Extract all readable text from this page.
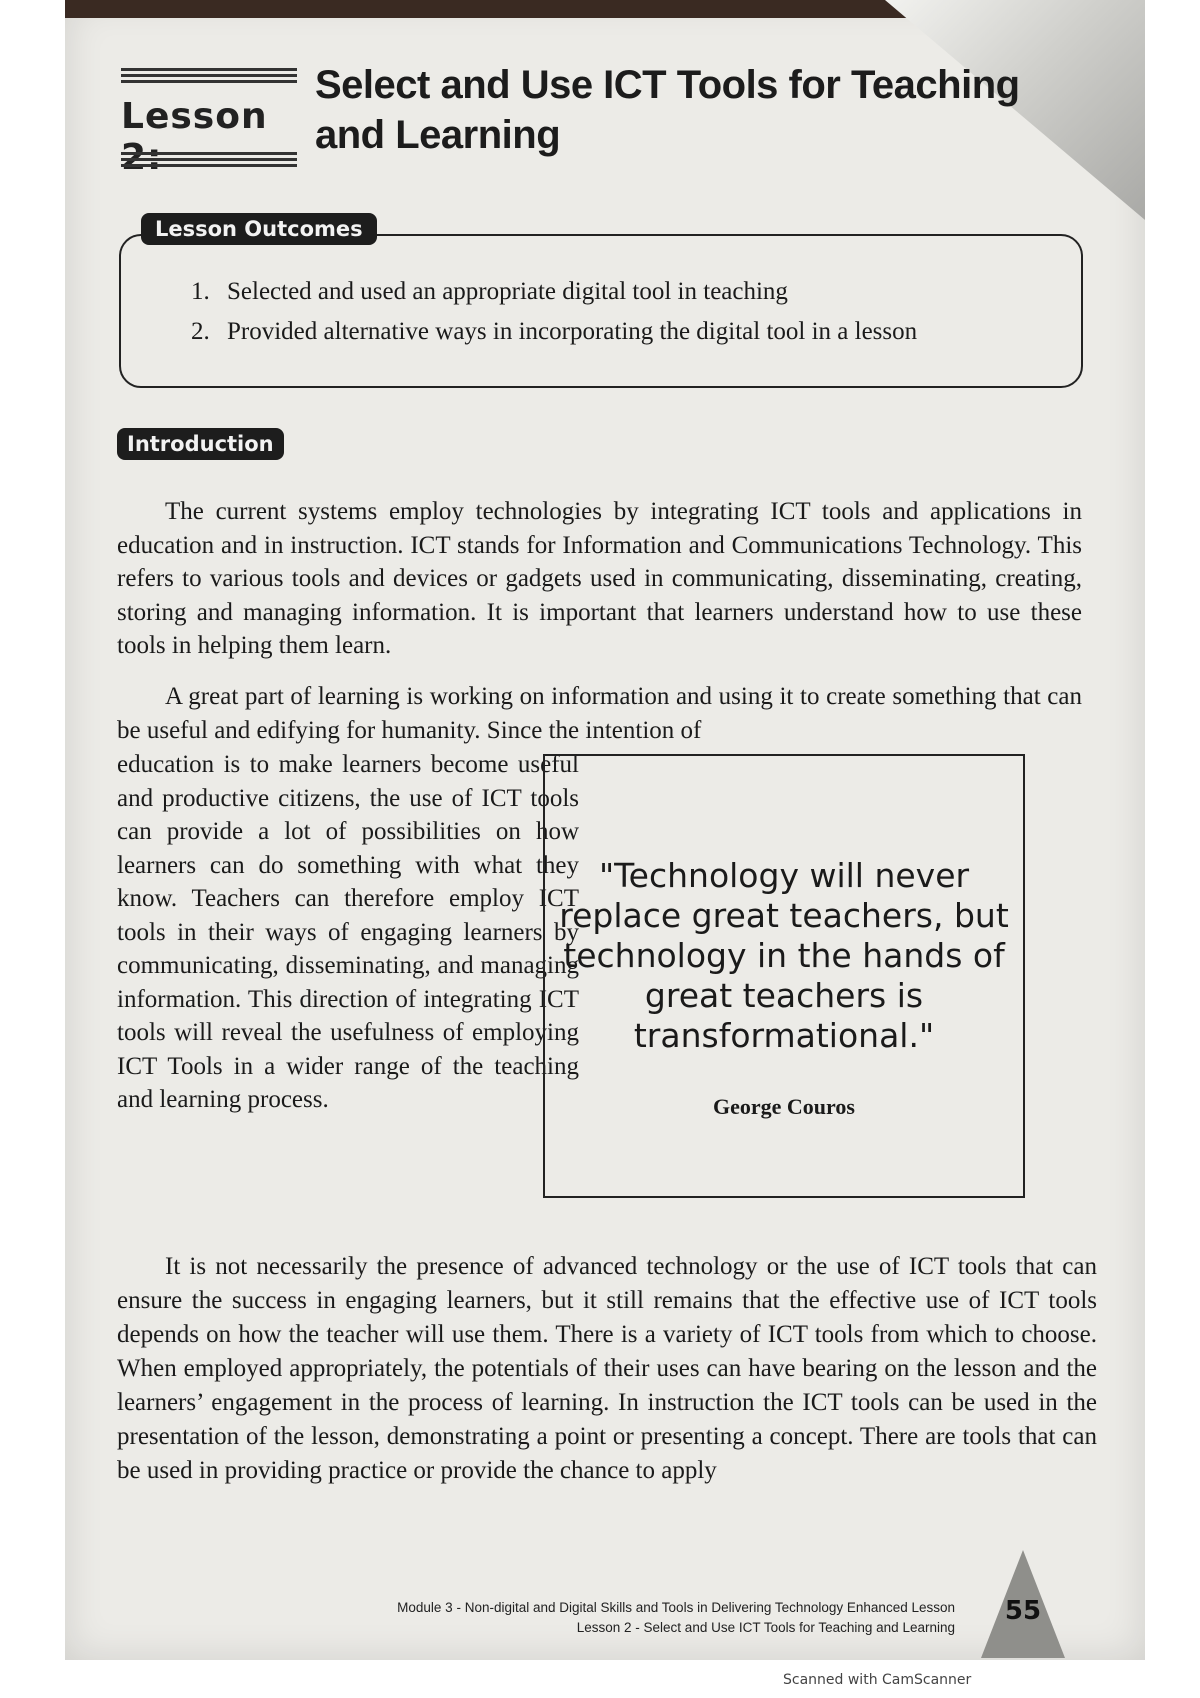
Lesson
Select and Use ICT Tools for Teaching and Learning
Lesson Outcomes
1. Selected and used an appropriate digital tool in teaching
2. Provided alternative ways in incorporating the digital tool in a lesson
Introduction

The current systems employ technologies by integrating ICT tools and applications in education and in instruction. ICT stands for Information and Communications Technology. This refers to various tools and devices or gadgets used in communicating, disseminating, creating, storing and managing information. It is important that learners understand how to use these tools in helping them learn.

A great part of learning is working on information and using it to create something that can be useful and edifying for humanity. Since the intention of

education is to make learners become useful and productive citizens, the use of ICT tools can provide a lot of possibilities on how learners can do something with what they know. Teachers can therefore employ ICT tools in their ways of engaging learners by communicating, disseminating, and managing information. This direction of integrating ICT tools will reveal the usefulness of employing ICT Tools in a wider range of the teaching and learning process.

"Technology will never replace great teachers, but technology in the hands of great teachers is transformational."
George Couros

It is not necessarily the presence of advanced technology or the use of ICT tools that can ensure the success in engaging learners, but it still remains that the effective use of ICT tools depends on how the teacher will use them. There is a variety of ICT tools from which to choose. When employed appropriately, the potentials of their uses can have bearing on the lesson and the learners’ engagement in the process of learning. In instruction the ICT tools can be used in the presentation of the lesson, demonstrating a point or presenting a concept. There are tools that can be used in providing practice or provide the chance to apply

Module 3 - Non-digital and Digital Skills and Tools in Delivering Technology Enhanced Lesson
Lesson 2 - Select and Use ICT Tools for Teaching and Learning
55
Scanned with CamScanner
